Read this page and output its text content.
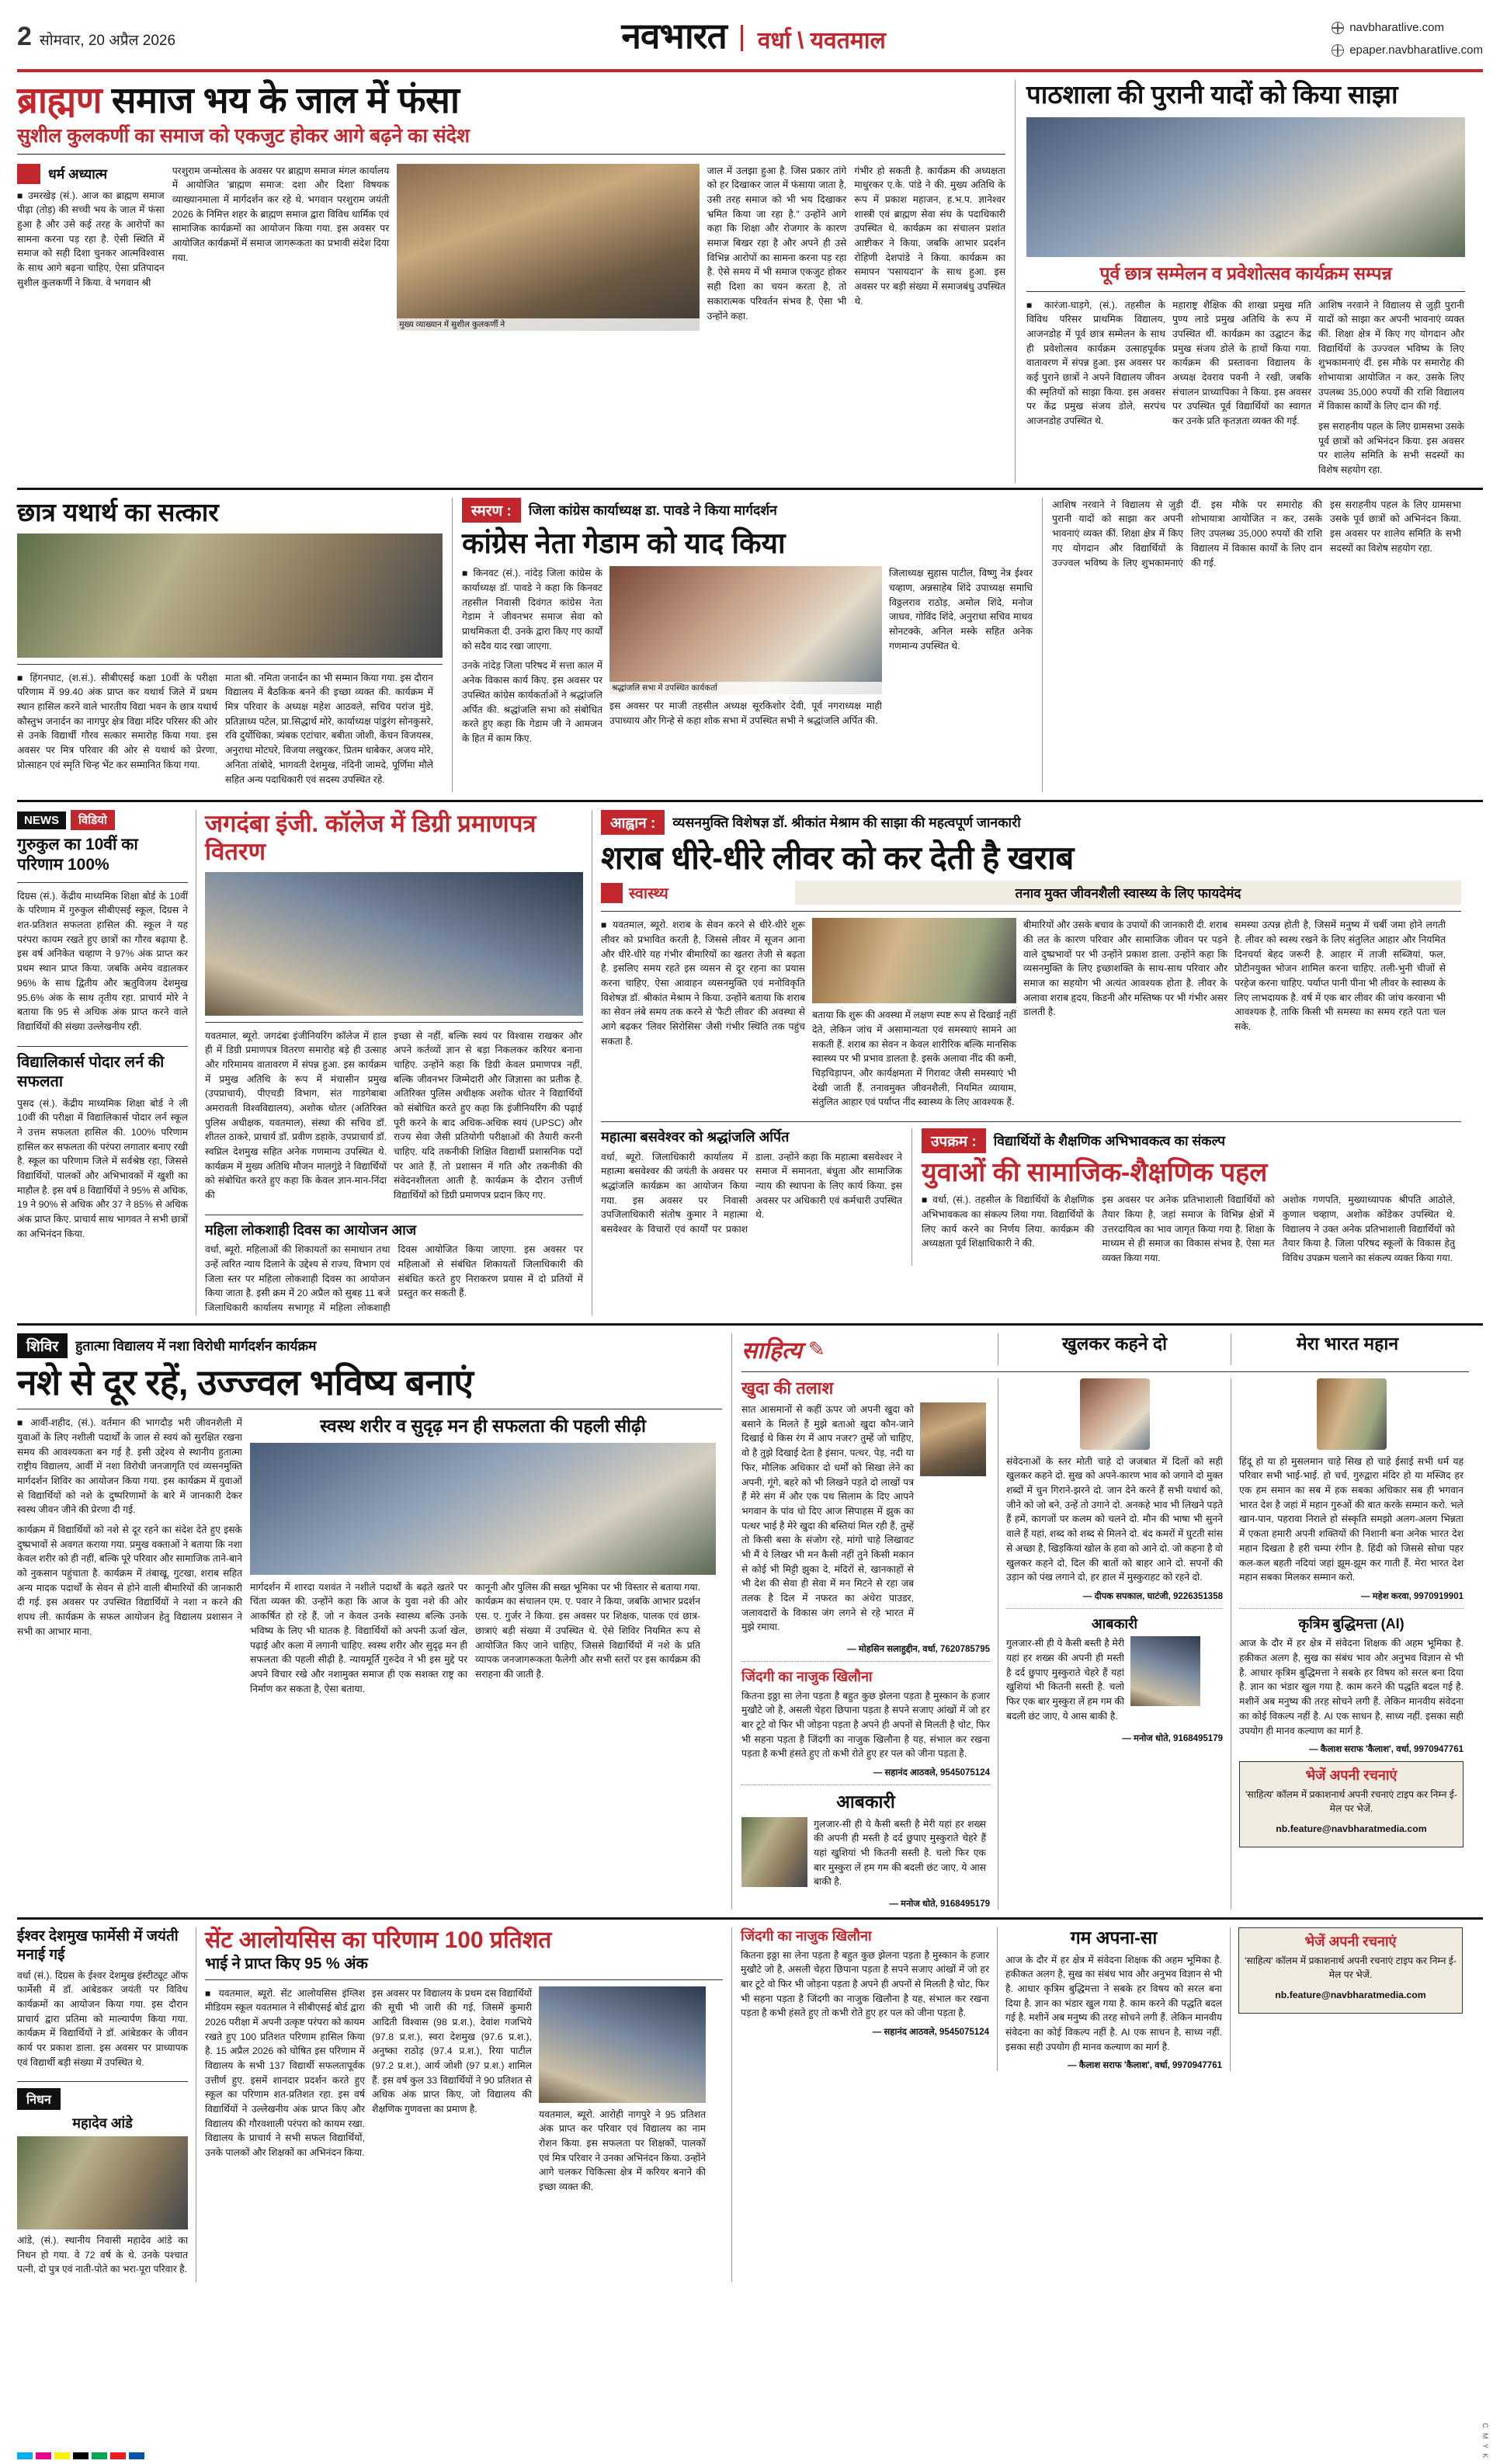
2 सोमवार, 20 अप्रैल 2026	नवभारत वर्धा \ यवतमाल
navbharatlive.com
epaper.navbharatlive.com
ब्राह्मण समाज भय के जाल में फंसा
सुशील कुलकर्णी का समाज को एकजुट होकर आगे बढ़ने का संदेश
धर्म अध्यात्म

■ उमरखेड़ (सं.). आज का ब्राह्मण समाज पीढ़ा (तोड़) की सच्ची भय के जाल में फंसा हुआ है और उसे कई तरह के आरोपों का सामना करना पड़ रहा है. ऐसी स्थिति में समाज को सही दिशा चुनकर आत्मविश्वास के साथ आगे बढ़ना चाहिए, ऐसा प्रतिपादन सुशील कुलकर्णी ने किया. वे भगवान श्री

परशुराम जन्मोत्सव के अवसर पर ब्राह्मण समाज मंगल कार्यालय में आयोजित 'ब्राह्मण समाज: दशा और दिशा' विषयक व्याख्यानमाला में मार्गदर्शन कर रहे थे. भगवान परशुराम जयंती 2026 के निमित्त शहर के ब्राह्मण समाज द्वारा विविध धार्मिक एवं सामाजिक कार्यक्रमों का आयोजन किया गया. इस अवसर पर आयोजित कार्यक्रमों में समाज जागरूकता का प्रभावी संदेश दिया गया.

मुख्य व्याख्यान में सुशील कुलकर्णी ने

जाल में उलझा हुआ है. जिस प्रकार तांगे को हर दिखाकर जाल में फंसाया जाता है, उसी तरह समाज को भी भय दिखाकर भ्रमित किया जा रहा है." उन्होंने आगे कहा कि शिक्षा और रोजगार के कारण समाज बिखर रहा है और अपने ही उसे विभिन्न आरोपों का सामना करना पड़ रहा है. ऐसे समय में भी समाज एकजुट होकर सही दिशा का चयन करता है, तो सकारात्मक परिवर्तन संभव है, ऐसा भी उन्होंने कहा.

गंभीर हो सकती है. कार्यक्रम की अध्यक्षता माधुरकर ए.के. पांडे ने की. मुख्य अतिथि के रूप में प्रकाश महाजन, ह.भ.प. ज्ञानेश्वर शास्त्री एवं ब्राह्मण सेवा संघ के पदाधिकारी उपस्थित थे. कार्यक्रम का संचालन प्रशांत आष्टीकर ने किया, जबकि आभार प्रदर्शन रोहिणी देशपांडे ने किया. कार्यक्रम का समापन 'पसायदान' के साथ हुआ. इस अवसर पर बड़ी संख्या में समाजबंधु उपस्थित थे.

पाठशाला की पुरानी यादों को किया साझा
पूर्व छात्र सम्मेलन व प्रवेशोत्सव कार्यक्रम सम्पन्न

■ कारंजा-घाड़गे, (सं.). तहसील के विविध परिसर प्राथमिक विद्यालय, आजनडोह में पूर्व छात्र सम्मेलन के साथ ही प्रवेशोत्सव कार्यक्रम उत्साहपूर्वक वातावरण में संपन्न हुआ. इस अवसर पर कई पुराने छात्रों ने अपने विद्यालय जीवन की स्मृतियों को साझा किया. इस अवसर पर केंद्र प्रमुख संजय डोले, सरपंच आजनडोह उपस्थित थे.

महाराष्ट्र शैक्षिक की शाखा प्रमुख मति पुण्य लाडे प्रमुख अतिथि के रूप में उपस्थित थीं. कार्यक्रम का उद्घाटन केंद्र प्रमुख संजय डोले के हाथों किया गया. कार्यक्रम की प्रस्तावना विद्यालय के अध्यक्ष देवराव पवनी ने रखी, जबकि संचालन प्राध्यापिका ने किया. इस अवसर पर उपस्थित पूर्व विद्यार्थियों का स्वागत कर उनके प्रति कृतज्ञता व्यक्त की गई.

आशिष नरवाने ने विद्यालय से जुड़ी पुरानी यादों को साझा कर अपनी भावनाएं व्यक्त कीं. शिक्षा क्षेत्र में किए गए योगदान और विद्यार्थियों के उज्ज्वल भविष्य के लिए शुभकामनाएं दीं. इस मौके पर समारोह की शोभायात्रा आयोजित न कर, उसके लिए उपलब्ध 35,000 रुपयों की राशि विद्यालय में विकास कार्यों के लिए दान की गई.

इस सराहनीय पहल के लिए ग्रामसभा उसके पूर्व छात्रों को अभिनंदन किया. इस अवसर पर शालेय समिति के सभी सदस्यों का विशेष सहयोग रहा.

छात्र यथार्थ का सत्कार

■ हिंगनघाट, (श.सं.). सीबीएसई कक्षा 10वीं के परीक्षा परिणाम में 99.40 अंक प्राप्त कर यथार्थ जिले में प्रथम स्थान हासिल करने वाले भारतीय विद्या भवन के छात्र यथार्थ कौस्तुभ जनार्दन का नागपुर क्षेत्र विद्या मंदिर परिसर की ओर से उनके विद्यार्थी गौरव सत्कार समारोह किया गया. इस अवसर पर मित्र परिवार की ओर से यथार्थ को प्रेरणा, प्रोत्साहन एवं स्मृति चिन्ह भेंट कर सम्मानित किया गया.

माता श्री. नमिता जनार्दन का भी सम्मान किया गया. इस दौरान विद्यालय में बैठकिक बनने की इच्छा व्यक्त की. कार्यक्रम में मित्र परिवार के अध्यक्ष महेश आठवले, सचिव परांज मुंडे, प्रतिज्ञाध्य पटेल, प्रा.सिद्धार्थ मोरे, कार्याध्यक्ष पांडुरंग सोनकुसरे, रवि दुर्योधिका, त्र्यंबक एटांचार, बबीता जोशी, केंचन विजयस्त्र, अनुराधा मोटघरे, विजया लखुरकर, प्रितम धाबेकर, अजय मोरे, अनिता तांबोदे, भागवती देशमुख, नंदिनी जामदे, पूर्णिमा मौले सहित अन्य पदाधिकारी एवं सदस्य उपस्थित रहे.

स्मरण :	जिला कांग्रेस कार्याध्यक्ष डा. पावडे ने किया मार्गदर्शन
कांग्रेस नेता गेडाम को याद किया

■ किनवट (सं.). नांदेड़ जिला कांग्रेस के कार्याध्यक्ष डॉ. पावडे ने कहा कि किनवट तहसील निवासी दिवंगत कांग्रेस नेता गेडाम ने जीवनभर समाज सेवा को प्राथमिकता दी. उनके द्वारा किए गए कार्यों को सदैव याद रखा जाएगा.

उनके नांदेड़ जिला परिषद में सत्ता काल में अनेक विकास कार्य किए. इस अवसर पर उपस्थित कांग्रेस कार्यकर्ताओं ने श्रद्धांजलि अर्पित की. श्रद्धांजलि सभा को संबोधित करते हुए कहा कि गेडाम जी ने आमजन के हित में काम किए.

श्रद्धांजलि सभा में उपस्थित कार्यकर्ता

इस अवसर पर माजी तहसील अध्यक्ष सूरकिशोर देवी, पूर्व नगराध्यक्ष माही उपाध्याय और गिन्हे से कहा शोक सभा में उपस्थित सभी ने श्रद्धांजलि अर्पित की.

जिलाध्यक्ष सुहास पाटील, विष्णु नेत्र ईश्वर चव्हाण, अन्नसाहेब शिंदे उपाध्यक्ष समाधि विठ्ठलराव राठोड़, अमोल शिंदे, मनोज जाधव, गोविंद शिंदे, अनुराधा सचिव माधव सोनटक्के, अनिल मस्के सहित अनेक गणमान्य उपस्थित थे.

आशिष नरवाने ने विद्यालय से जुड़ी पुरानी यादों को साझा कर अपनी भावनाएं व्यक्त कीं. शिक्षा क्षेत्र में किए गए योगदान और विद्यार्थियों के उज्ज्वल भविष्य के लिए शुभकामनाएं दीं. इस मौके पर समारोह की शोभायात्रा आयोजित न कर, उसके लिए उपलब्ध 35,000 रुपयों की राशि विद्यालय में विकास कार्यों के लिए दान की गई.

इस सराहनीय पहल के लिए ग्रामसभा उसके पूर्व छात्रों को अभिनंदन किया. इस अवसर पर शालेय समिति के सभी सदस्यों का विशेष सहयोग रहा.

NEWS	विडियो
गुरुकुल का 10वीं का परिणाम 100%

दिग्रस (सं.). केंद्रीय माध्यमिक शिक्षा बोर्ड के 10वीं के परिणाम में गुरुकुल सीबीएसई स्कूल, दिग्रस ने शत-प्रतिशत सफलता हासिल की. स्कूल ने यह परंपरा कायम रखते हुए छात्रों का गौरव बढ़ाया है. इस वर्ष अनिकेत चव्हाण ने 97% अंक प्राप्त कर प्रथम स्थान प्राप्त किया. जबकि अमेय वडालकर 96% के साथ द्वितीय और ऋतुविजय देशमुख 95.6% अंक के साथ तृतीय रहा. प्राचार्य मोरे ने बताया कि 95 से अधिक अंक प्राप्त करने वाले विद्यार्थियों की संख्या उल्लेखनीय रही.

विद्यालिकार्स पोदार लर्न की सफलता

पुसद (सं.). केंद्रीय माध्यमिक शिक्षा बोर्ड ने ली 10वीं की परीक्षा में विद्यालिकार्स पोदार लर्न स्कूल ने उत्तम सफलता हासिल की. 100% परिणाम हासिल कर सफलता की परंपरा लगातार बनाए रखी है. स्कूल का परिणाम जिले में सर्वश्रेष्ठ रहा, जिससे विद्यार्थियों, पालकों और अभिभावकों में खुशी का माहौल है. इस वर्ष 8 विद्यार्थियों ने 95% से अधिक, 19 ने 90% से अधिक और 37 ने 85% से अधिक अंक प्राप्त किए. प्राचार्य साथ भागवत ने सभी छात्रों का अभिनंदन किया.

जगदंबा इंजी. कॉलेज में डिग्री प्रमाणपत्र वितरण

यवतमाल, ब्यूरो. जगदंबा इंजीनियरिंग कॉलेज में हाल ही में डिग्री प्रमाणपत्र वितरण समारोह बड़े ही उत्साह और गरिमामय वातावरण में संपन्न हुआ. इस कार्यक्रम में प्रमुख अतिथि के रूप में मंचासीन प्रमुख (उपप्राचार्य), पीएचडी विभाग, संत गाडगेबाबा अमरावती विश्वविद्यालय), अशोक धोतर (अतिरिक्त पुलिस अधीक्षक, यवतमाल), संस्था की सचिव डॉ. शीतल ठाकरे, प्राचार्य डॉ. प्रवीण डहाके, उपप्राचार्य डॉ. स्वप्निल देशमुख सहित अनेक गणमान्य उपस्थित थे. कार्यक्रम में मुख्य अतिथि मौजन मालगुंडे ने विद्यार्थियों को संबोधित करते हुए कहा कि केवल ज्ञान-मान-निंदा की

इच्छा से नहीं, बल्कि स्वयं पर विश्वास राखकर और अपने कर्तव्यों ज्ञान से बड़ा निकलकर करियर बनाना चाहिए. उन्होंने कहा कि डिग्री केवल प्रमाणपत्र नहीं, बल्कि जीवनभर जिम्मेदारी और जिज्ञासा का प्रतीक है. अतिरिक्त पुलिस अधीक्षक अशोक धोतर ने विद्यार्थियों को संबोधित करते हुए कहा कि इंजीनियरिंग की पढ़ाई पूरी करने के बाद अधिक-अधिक स्वयं (UPSC) और राज्य सेवा जैसी प्रतियोगी परीक्षाओं की तैयारी करनी चाहिए. यदि तकनीकी शिक्षित विद्यार्थी प्रशासनिक पदों पर आते हैं, तो प्रशासन में गति और तकनीकी की संवेदनशीलता आती है. कार्यक्रम के दौरान उत्तीर्ण विद्यार्थियों को डिग्री प्रमाणपत्र प्रदान किए गए.

महिला लोकशाही दिवस का आयोजन आज

वर्धा, ब्यूरो. महिलाओं की शिकायतों का समाधान तथा उन्हें त्वरित न्याय दिलाने के उद्देश्य से राज्य, विभाग एवं जिला स्तर पर महिला लोकशाही दिवस का आयोजन किया जाता है. इसी क्रम में 20 अप्रैल को सुबह 11 बजे जिलाधिकारी कार्यालय सभागृह में महिला लोकशाही दिवस आयोजित किया जाएगा. इस अवसर पर महिलाओं से संबंधित शिकायतों जिलाधिकारी की संबंधित करते हुए निराकरण प्रयास में दो प्रतियों में प्रस्तुत कर सकती हैं.

आह्वान :	व्यसनमुक्ति विशेषज्ञ डॉ. श्रीकांत मेश्राम की साझा की महत्वपूर्ण जानकारी
शराब धीरे-धीरे लीवर को कर देती है खराब
स्वास्थ्य	तनाव मुक्त जीवनशैली स्वास्थ्य के लिए फायदेमंद

■ यवतमाल, ब्यूरो. शराब के सेवन करने से धीरे-धीरे शुरू लीवर को प्रभावित करती है, जिससे लीवर में सूजन आना और धीरे-धीरे यह गंभीर बीमारियों का खतरा तेजी से बढ़ता है. इसलिए समय रहते इस व्यसन से दूर रहना का प्रयास करना चाहिए, ऐसा आवाहन व्यसनमुक्ति एवं मनोविकृति विशेषज्ञ डॉ. श्रीकांत मेश्राम ने किया. उन्होंने बताया कि शराब का सेवन लंबे समय तक करने से 'फैटी लीवर' की अवस्था से आगे बढ़कर 'लिवर सिरोसिस' जैसी गंभीर स्थिति तक पहुंच सकता है.

बताया कि शुरू की अवस्था में लक्षण स्पष्ट रूप से दिखाई नहीं देते, लेकिन जांच में असामान्यता एवं समस्याएं सामने आ सकती हैं. शराब का सेवन न केवल शारीरिक बल्कि मानसिक स्वास्थ्य पर भी प्रभाव डालता है. इसके अलावा नींद की कमी, चिड़चिड़ापन, और कार्यक्षमता में गिरावट जैसी समस्याएं भी देखी जाती हैं. तनावमुक्त जीवनशैली, नियमित व्यायाम, संतुलित आहार एवं पर्याप्त नींद स्वास्थ्य के लिए आवश्यक हैं.

बीमारियों और उसके बचाव के उपायों की जानकारी दी. शराब की लत के कारण परिवार और सामाजिक जीवन पर पड़ने वाले दुष्प्रभावों पर भी उन्होंने प्रकाश डाला. उन्होंने कहा कि व्यसनमुक्ति के लिए इच्छाशक्ति के साथ-साथ परिवार और समाज का सहयोग भी अत्यंत आवश्यक होता है. लीवर के अलावा शराब हृदय, किडनी और मस्तिष्क पर भी गंभीर असर डालती है.

समस्या उत्पन्न होती है, जिसमें मनुष्य में चर्बी जमा होने लगती है. लीवर को स्वस्थ रखने के लिए संतुलित आहार और नियमित दिनचर्या बेहद जरूरी है. आहार में ताजी सब्जियां, फल, प्रोटीनयुक्त भोजन शामिल करना चाहिए. तली-भुनी चीजों से परहेज करना चाहिए. पर्याप्त पानी पीना भी लीवर के स्वास्थ्य के लिए लाभदायक है. वर्ष में एक बार लीवर की जांच करवाना भी आवश्यक है, ताकि किसी भी समस्या का समय रहते पता चल सके.

महात्मा बसवेश्वर को श्रद्धांजलि अर्पित

वर्धा, ब्यूरो. जिलाधिकारी कार्यालय में महात्मा बसवेश्वर की जयंती के अवसर पर श्रद्धांजलि कार्यक्रम का आयोजन किया गया. इस अवसर पर निवासी उपजिलाधिकारी संतोष कुमार ने महात्मा बसवेश्वर के विचारों एवं कार्यों पर प्रकाश डाला. उन्होंने कहा कि महात्मा बसवेश्वर ने समाज में समानता, बंधुता और सामाजिक न्याय की स्थापना के लिए कार्य किया. इस अवसर पर अधिकारी एवं कर्मचारी उपस्थित थे.

उपक्रम :	विद्यार्थियों के शैक्षणिक अभिभावकत्व का संकल्प
युवाओं की सामाजिक-शैक्षणिक पहल

■ वर्धा, (सं.). तहसील के विद्यार्थियों के शैक्षणिक अभिभावकत्व का संकल्प लिया गया. विद्यार्थियों के लिए कार्य करने का निर्णय लिया. कार्यक्रम की अध्यक्षता पूर्व शिक्षाधिकारी ने की.

इस अवसर पर अनेक प्रतिभाशाली विद्यार्थियों को तैयार किया है, जहां समाज के विभिन्न क्षेत्रों में उत्तरदायित्व का भाव जागृत किया गया है. शिक्षा के माध्यम से ही समाज का विकास संभव है, ऐसा मत व्यक्त किया गया.

अशोक गणपति, मुख्याध्यापक श्रीपति आठोले, कुणाल चव्हाण, अशोक कोंडेकर उपस्थित थे. विद्यालय ने उक्त अनेक प्रतिभाशाली विद्यार्थियों को तैयार किया है. जिला परिषद स्कूलों के विकास हेतु विविध उपक्रम चलाने का संकल्प व्यक्त किया गया.

शिविर	हुतात्मा विद्यालय में नशा विरोधी मार्गदर्शन कार्यक्रम
नशे से दूर रहें, उज्ज्वल भविष्य बनाएं

■ आर्वी-शहीद, (सं.). वर्तमान की भागदौड़ भरी जीवनशैली में युवाओं के लिए नशीली पदार्थों के जाल से स्वयं को सुरक्षित रखना समय की आवश्यकता बन गई है. इसी उद्देश्य से स्थानीय हुतात्मा राष्ट्रीय विद्यालय, आर्वी में नशा विरोधी जनजागृति एवं व्यसनमुक्ति मार्गदर्शन शिविर का आयोजन किया गया. इस कार्यक्रम में युवाओं से विद्यार्थियों को नशे के दुष्परिणामों के बारे में जानकारी देकर स्वस्थ जीवन जीने की प्रेरणा दी गई.

कार्यक्रम में विद्यार्थियों को नशे से दूर रहने का संदेश देते हुए इसके दुष्प्रभावों से अवगत कराया गया. प्रमुख वक्ताओं ने बताया कि नशा केवल शरीर को ही नहीं, बल्कि पूरे परिवार और सामाजिक ताने-बाने को नुकसान पहुंचाता है. कार्यक्रम में तंबाखू, गुटखा, शराब सहित अन्य मादक पदार्थों के सेवन से होने वाली बीमारियों की जानकारी दी गई. इस अवसर पर उपस्थित विद्यार्थियों ने नशा न करने की शपथ ली. कार्यक्रम के सफल आयोजन हेतु विद्यालय प्रशासन ने सभी का आभार माना.

स्वस्थ शरीर व सुदृढ़ मन ही सफलता की पहली सीढ़ी

मार्गदर्शन में शारदा यशवंत ने नशीले पदार्थों के बढ़ते खतरे पर चिंता व्यक्त की. उन्होंने कहा कि आज के युवा नशे की ओर आकर्षित हो रहे हैं, जो न केवल उनके स्वास्थ्य बल्कि उनके भविष्य के लिए भी घातक है. विद्यार्थियों को अपनी ऊर्जा खेल, पढ़ाई और कला में लगानी चाहिए. स्वस्थ शरीर और सुदृढ़ मन ही सफलता की पहली सीढ़ी है. न्यायमूर्ति गुरुदेव ने भी इस मुद्दे पर अपने विचार रखे और नशामुक्त समाज ही एक सशक्त राष्ट्र का निर्माण कर सकता है, ऐसा बताया.

कानूनी और पुलिस की सख्त भूमिका पर भी विस्तार से बताया गया. कार्यक्रम का संचालन एम. ए. पवार ने किया, जबकि आभार प्रदर्शन एस. ए. गुर्जर ने किया. इस अवसर पर शिक्षक, पालक एवं छात्र-छात्राएं बड़ी संख्या में उपस्थित थे. ऐसे शिविर नियमित रूप से आयोजित किए जाने चाहिए, जिससे विद्यार्थियों में नशे के प्रति व्यापक जनजागरूकता फैलेगी और सभी स्तरों पर इस कार्यक्रम की सराहना की जाती है.

साहित्य ✎	खुलकर कहने दो	मेरा भारत महान
खुदा की तलाश

सात आसमानों से कहीं ऊपर जो अपनी खुदा को बसाने के मिलते हैं मुझे बताओ खुदा कौन-जाने दिखाई थे किस रंग में आप नजर? तुम्हें जो चाहिए, वो है तुझे दिखाई देता है इंसान, पत्थर, पेड़, नदी या फिर, मौलिक अधिकार दो धर्मों को सिखा लेने का अपनी, गूंगे, बहरे को भी लिखने पड़ते दो लाखों पत्र हैं मेरे संग में और एक पथ सिलाम के दिए आपने भगवान के पांव धो दिए आज सिपाहस में झुक का पत्थर भाई है मेरे खुदा की बस्तियां मिल रही हैं, तुम्हें तो किसी बसा के संजोग रहे, मांगो चाहे लिखावट भी मैं ये लिखर भी मन कैसी नहीं तुने किसी मकान से कोई भी मिट्टी झुका दे, मंदिरों से, खानकाहों से भी देश की सेवा ही सेवा में मन मिटने से रहा जब तलक है दिल में नफरत का अंधेरा पाउडर, जलावदारों के विकास जंग लगने से रहे भारत में मुझे रमाया.

— मोहसिन सलाहुद्दीन, वर्धा, 7620785795
जिंदगी का नाजुक खिलौना

कितना इठ्ठा सा लेना पड़ता है बहुत कुछ झेलना पड़ता है मुस्कान के हजार मुखौटे जो है, असली चेहरा छिपाना पड़ता है सपने सजाए आंखों में जो हर बार टूटे वो फिर भी जोड़ना पड़ता है अपने ही अपनों से मिलती है चोट, फिर भी सहना पड़ता है जिंदगी का नाजुक खिलौना है यह, संभाल कर रखना पड़ता है कभी हंसते हुए तो कभी रोते हुए हर पल को जीना पड़ता है.

— सहानंद आठवले, 9545075124
आबकारी

गुलजार-सी ही ये कैसी बस्ती है मेरी यहां हर शख्स की अपनी ही मस्ती है दर्द छुपाए मुस्कुराते चेहरे हैं यहां खुशियां भी कितनी सस्ती है. चलो फिर एक बार मुस्कुरा लें हम गम की बदली छंट जाए, ये आस बाकी है.

— मनोज धोते, 9168495179

संवेदनाओं के स्तर मोती चाहे दो जजबात में दिलों को सही खुलकर कहने दो. सुख को अपने-कारण भाव को जगाने दो मुक्त शब्दों में चुन गिराने-झरने दो. जान देने करने हैं सभी यथार्थ को, जीने को जो बने, उन्हें तो उगाने दो. अनकहे भाव भी लिखने पड़ते हैं हमें, कागजों पर कलम को चलने दो. मौन की भाषा भी सुनने वाले हैं यहां, शब्द को शब्द से मिलने दो. बंद कमरों में घुटती सांस से अच्छा है, खिड़कियां खोल के हवा को आने दो. जो कहना है वो खुलकर कहने दो, दिल की बातों को बाहर आने दो. सपनों की उड़ान को पंख लगाने दो, हर हाल में मुस्कुराहट को रहने दो.

— दीपक सपकाल, घाटंजी, 9226351358
आबकारी

गुलजार-सी ही ये कैसी बस्ती है मेरी यहां हर शख्स की अपनी ही मस्ती है दर्द छुपाए मुस्कुराते चेहरे हैं यहां खुशियां भी कितनी सस्ती है. चलो फिर एक बार मुस्कुरा लें हम गम की बदली छंट जाए, ये आस बाकी है.

— मनोज धोते, 9168495179

हिंदू हो या हो मुसलमान चाहे सिख हो चाहे ईसाई सभी धर्म यह परिवार सभी भाई-भाई. हो चर्च, गुरुद्वारा मंदिर हो या मस्जिद हर एक हम समान का सब में हक सबका अधिकार सब ही भगवान भारत देश है जहां में महान गुरुओं की बात करके सम्मान करो. भले खान-पान, पहरावा निराले हो संस्कृति समझो अलग-अलग भिन्नता में एकता हमारी अपनी शक्तियों की निशानी बना अनेक भारत देश महान दिखता है हरी चम्पा रंगीन है. हिंदी को जिससे सोचा पहर कल-कल बहती नदियां जहां झूम-झूम कर गाती हैं. मेरा भारत देश महान सबका मिलकर सम्मान करो.

— महेश करवा, 9970919901
कृत्रिम बुद्धिमत्ता (AI)

आज के दौर में हर क्षेत्र में संवेदना शिक्षक की अहम भूमिका है. हकीकत अलग है, सुख का संबंध भाव और अनुभव विज्ञान से भी है. आधार कृत्रिम बुद्धिमत्ता ने सबके हर विषय को सरल बना दिया है. ज्ञान का भंडार खुल गया है. काम करने की पद्धति बदल गई है. मशीनें अब मनुष्य की तरह सोचने लगी हैं. लेकिन मानवीय संवेदना का कोई विकल्प नहीं है. AI एक साधन है, साध्य नहीं. इसका सही उपयोग ही मानव कल्याण का मार्ग है.

— कैलाश सराफ 'कैलाश', वर्धा, 9970947761
भेजें अपनी रचनाएं

'साहित्य' कॉलम में प्रकाशनार्थ अपनी रचनाएं टाइप कर निम्न ई-मेल पर भेजें.

nb.feature@navbharatmedia.com

ईश्वर देशमुख फार्मेसी में जयंती मनाई गई

वर्धा (सं.). दिग्रस के ईश्वर देशमुख इंस्टीट्यूट ऑफ फार्मेसी में डॉ. आंबेडकर जयंती पर विविध कार्यक्रमों का आयोजन किया गया. इस दौरान प्राचार्य द्वारा प्रतिमा को माल्यार्पण किया गया. कार्यक्रम में विद्यार्थियों ने डॉ. आंबेडकर के जीवन कार्य पर प्रकाश डाला. इस अवसर पर प्राध्यापक एवं विद्यार्थी बड़ी संख्या में उपस्थित थे.

निधन
महादेव आंडे

आंडे, (सं.). स्थानीय निवासी महादेव आंडे का निधन हो गया. वे 72 वर्ष के थे. उनके पश्चात पत्नी, दो पुत्र एवं नाती-पोते का भरा-पूरा परिवार है.

सेंट आलोयसिस का परिणाम 100 प्रतिशत
भाई ने प्राप्त किए 95 % अंक

■ यवतमाल, ब्यूरो. सेंट आलोयसिस इंग्लिश मीडियम स्कूल यवतमाल ने सीबीएसई बोर्ड द्वारा 2026 परीक्षा में अपनी उत्कृष्ट परंपरा को कायम रखते हुए 100 प्रतिशत परिणाम हासिल किया है. 15 अप्रैल 2026 को घोषित इस परिणाम में विद्यालय के सभी 137 विद्यार्थी सफलतापूर्वक उत्तीर्ण हुए. इसमें शानदार प्रदर्शन करते हुए स्कूल का परिणाम शत-प्रतिशत रहा. इस वर्ष विद्यार्थियों ने उल्लेखनीय अंक प्राप्त किए और विद्यालय की गौरवशाली परंपरा को कायम रखा. विद्यालय के प्राचार्य ने सभी सफल विद्यार्थियों, उनके पालकों और शिक्षकों का अभिनंदन किया.

इस अवसर पर विद्यालय के प्रथम दस विद्यार्थियों की सूची भी जारी की गई, जिसमें कुमारी आदिती विश्वास (98 प्र.श.), देवांश गजभिये (97.8 प्र.श.), स्वरा देशमुख (97.6 प्र.श.), अनुष्का राठोड़ (97.4 प्र.श.), रिया पाटील (97.2 प्र.श.), आर्य जोशी (97 प्र.श.) शामिल हैं. इस वर्ष कुल 33 विद्यार्थियों ने 90 प्रतिशत से अधिक अंक प्राप्त किए, जो विद्यालय की शैक्षणिक गुणवत्ता का प्रमाण है.	यवतमाल, ब्यूरो. आरोही नागपुरे ने 95 प्रतिशत अंक प्राप्त कर परिवार एवं विद्यालय का नाम रोशन किया. इस सफलता पर शिक्षकों, पालकों एवं मित्र परिवार ने उनका अभिनंदन किया. उन्होंने आगे चलकर चिकित्सा क्षेत्र में करियर बनाने की इच्छा व्यक्त की.

जिंदगी का नाजुक खिलौना

कितना इठ्ठा सा लेना पड़ता है बहुत कुछ झेलना पड़ता है मुस्कान के हजार मुखौटे जो है, असली चेहरा छिपाना पड़ता है सपने सजाए आंखों में जो हर बार टूटे वो फिर भी जोड़ना पड़ता है अपने ही अपनों से मिलती है चोट, फिर भी सहना पड़ता है जिंदगी का नाजुक खिलौना है यह, संभाल कर रखना पड़ता है कभी हंसते हुए तो कभी रोते हुए हर पल को जीना पड़ता है.

— सहानंद आठवले, 9545075124
गम अपना-सा

आज के दौर में हर क्षेत्र में संवेदना शिक्षक की अहम भूमिका है. हकीकत अलग है, सुख का संबंध भाव और अनुभव विज्ञान से भी है. आधार कृत्रिम बुद्धिमत्ता ने सबके हर विषय को सरल बना दिया है. ज्ञान का भंडार खुल गया है. काम करने की पद्धति बदल गई है. मशीनें अब मनुष्य की तरह सोचने लगी हैं. लेकिन मानवीय संवेदना का कोई विकल्प नहीं है. AI एक साधन है, साध्य नहीं. इसका सही उपयोग ही मानव कल्याण का मार्ग है.

— कैलाश सराफ 'कैलाश', वर्धा, 9970947761
भेजें अपनी रचनाएं

'साहित्य' कॉलम में प्रकाशनार्थ अपनी रचनाएं टाइप कर निम्न ई-मेल पर भेजें.

nb.feature@navbharatmedia.com

C M Y K
